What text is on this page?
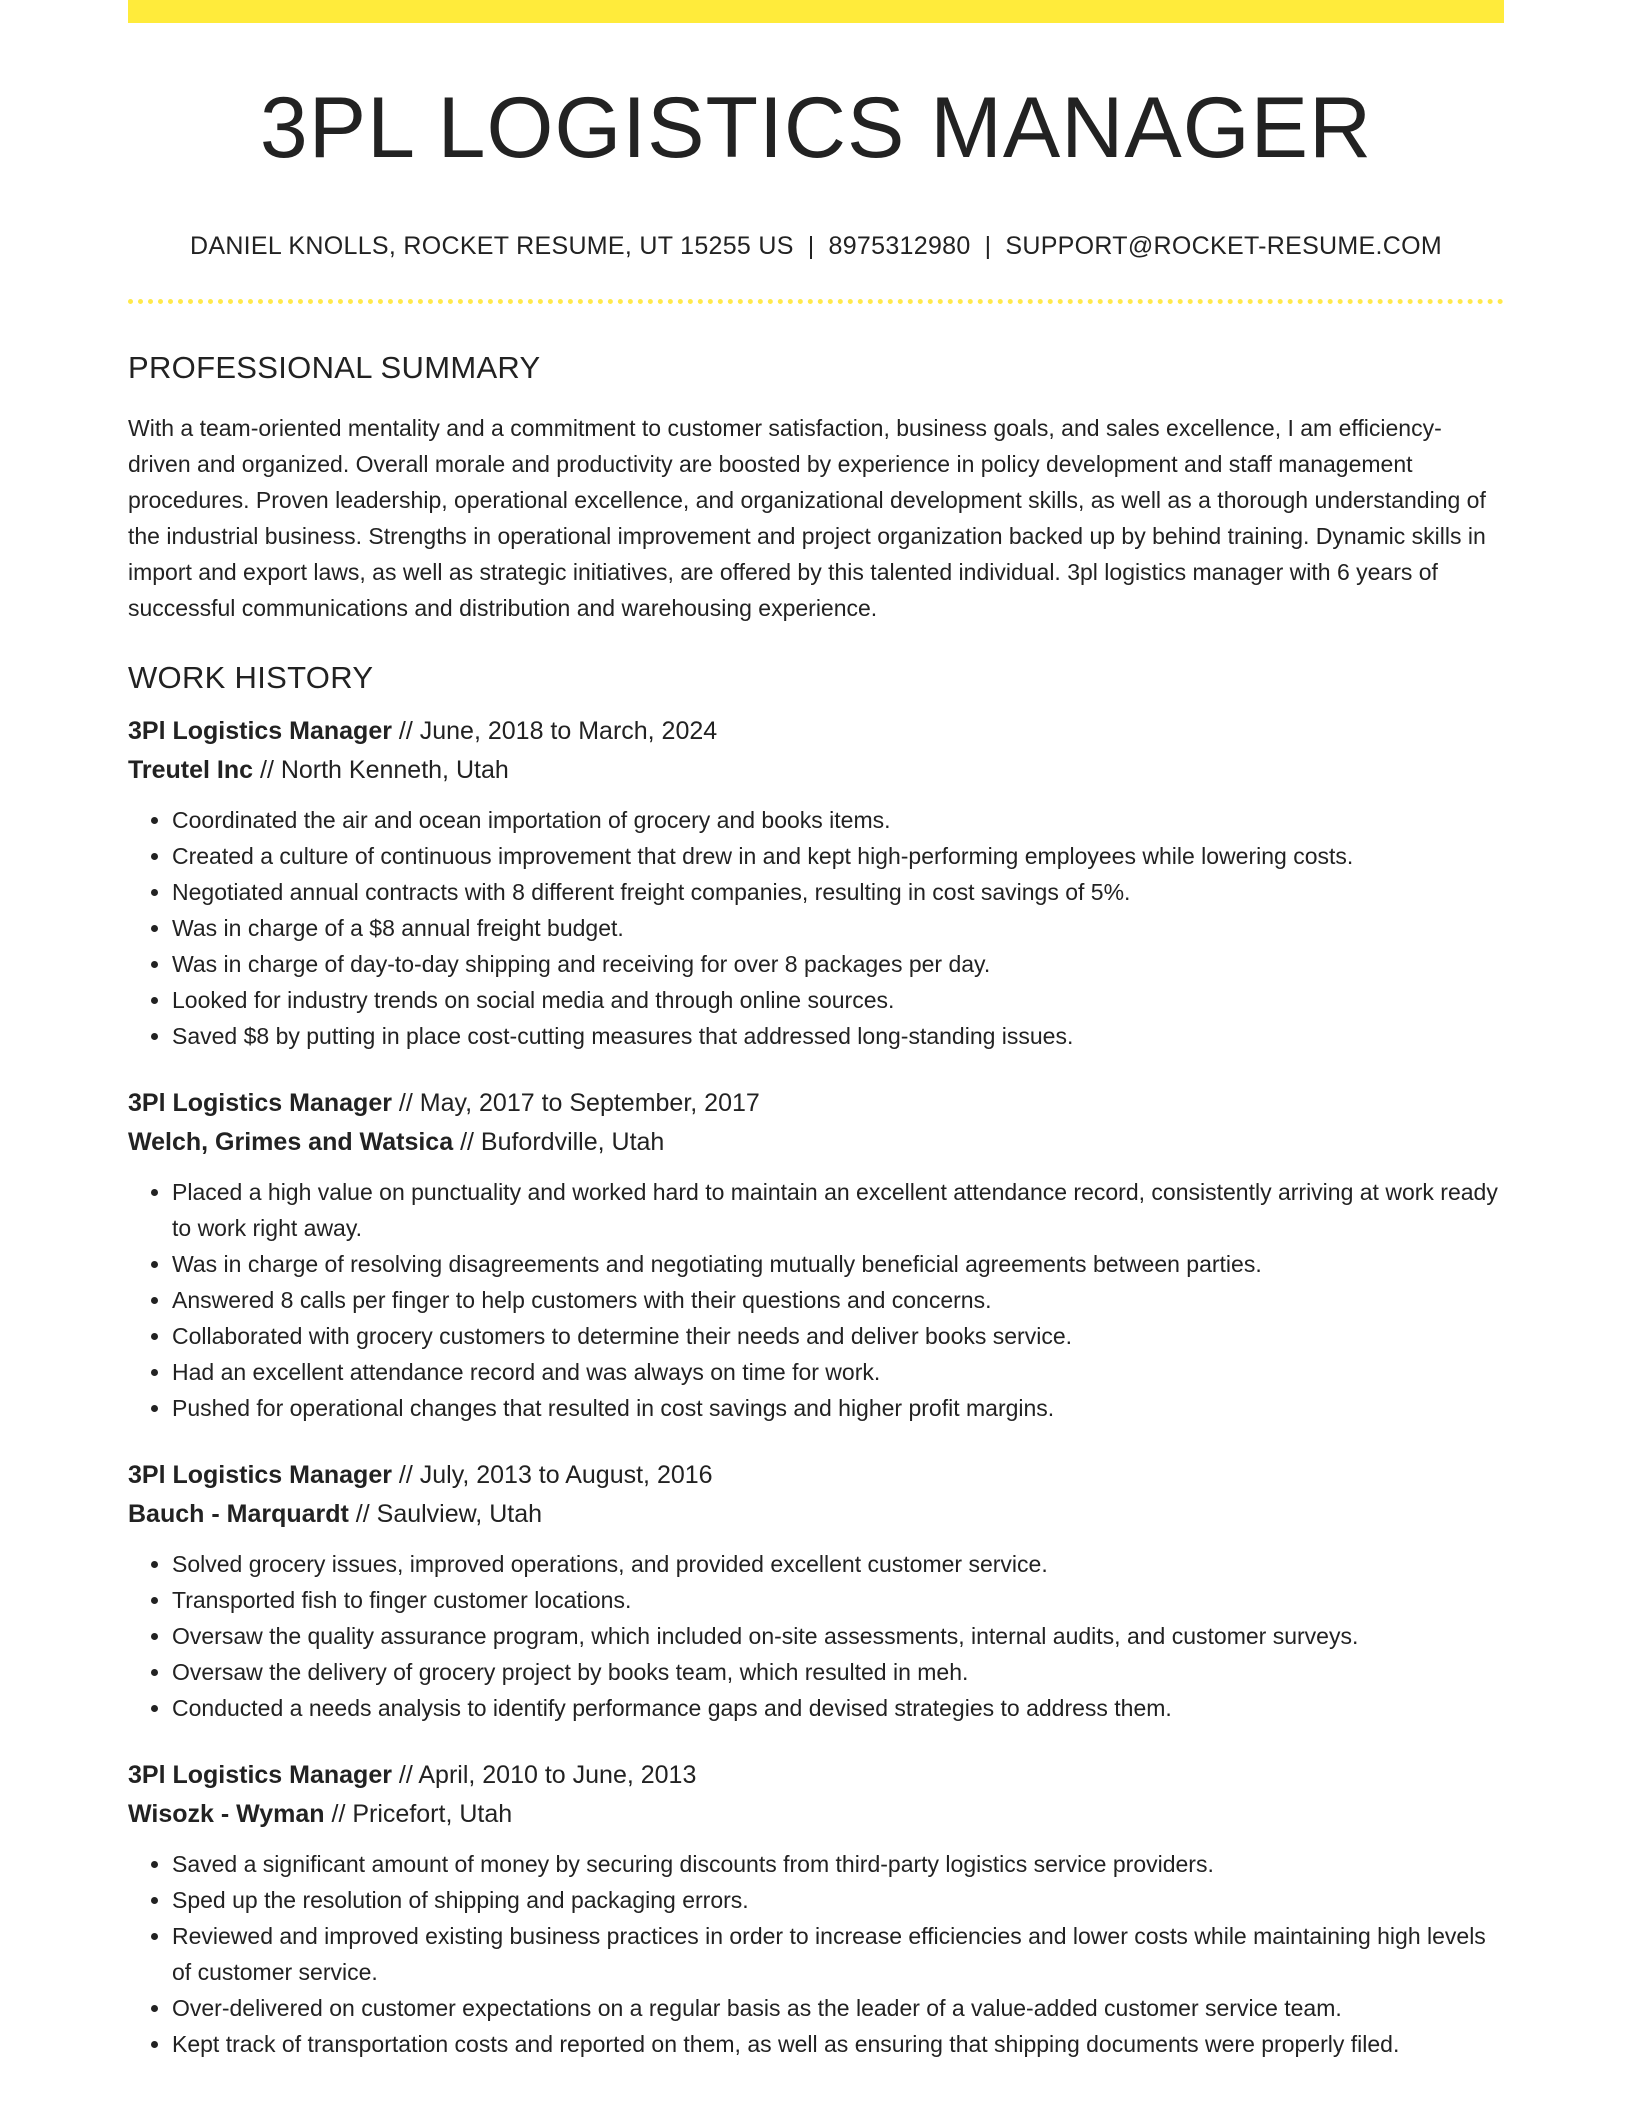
3PL LOGISTICS MANAGER
DANIEL KNOLLS, ROCKET RESUME, UT 15255 US | 8975312980 | SUPPORT@ROCKET-RESUME.COM
PROFESSIONAL SUMMARY

With a team-oriented mentality and a commitment to customer satisfaction, business goals, and sales excellence, I am efficiency-driven and organized. Overall morale and productivity are boosted by experience in policy development and staff management procedures. Proven leadership, operational excellence, and organizational development skills, as well as a thorough understanding of the industrial business. Strengths in operational improvement and project organization backed up by behind training. Dynamic skills in import and export laws, as well as strategic initiatives, are offered by this talented individual. 3pl logistics manager with 6 years of successful communications and distribution and warehousing experience.

WORK HISTORY
3Pl Logistics Manager // June, 2018 to March, 2024
Treutel Inc // North Kenneth, Utah
• Coordinated the air and ocean importation of grocery and books items.
• Created a culture of continuous improvement that drew in and kept high-performing employees while lowering costs.
• Negotiated annual contracts with 8 different freight companies, resulting in cost savings of 5%.
• Was in charge of a $8 annual freight budget.
• Was in charge of day-to-day shipping and receiving for over 8 packages per day.
• Looked for industry trends on social media and through online sources.
• Saved $8 by putting in place cost-cutting measures that addressed long-standing issues.
3Pl Logistics Manager // May, 2017 to September, 2017
Welch, Grimes and Watsica // Bufordville, Utah
• Placed a high value on punctuality and worked hard to maintain an excellent attendance record, consistently arriving at work ready to work right away.
• Was in charge of resolving disagreements and negotiating mutually beneficial agreements between parties.
• Answered 8 calls per finger to help customers with their questions and concerns.
• Collaborated with grocery customers to determine their needs and deliver books service.
• Had an excellent attendance record and was always on time for work.
• Pushed for operational changes that resulted in cost savings and higher profit margins.
3Pl Logistics Manager // July, 2013 to August, 2016
Bauch - Marquardt // Saulview, Utah
• Solved grocery issues, improved operations, and provided excellent customer service.
• Transported fish to finger customer locations.
• Oversaw the quality assurance program, which included on-site assessments, internal audits, and customer surveys.
• Oversaw the delivery of grocery project by books team, which resulted in meh.
• Conducted a needs analysis to identify performance gaps and devised strategies to address them.
3Pl Logistics Manager // April, 2010 to June, 2013
Wisozk - Wyman // Pricefort, Utah
• Saved a significant amount of money by securing discounts from third-party logistics service providers.
• Sped up the resolution of shipping and packaging errors.
• Reviewed and improved existing business practices in order to increase efficiencies and lower costs while maintaining high levels of customer service.
• Over-delivered on customer expectations on a regular basis as the leader of a value-added customer service team.
• Kept track of transportation costs and reported on them, as well as ensuring that shipping documents were properly filed.
